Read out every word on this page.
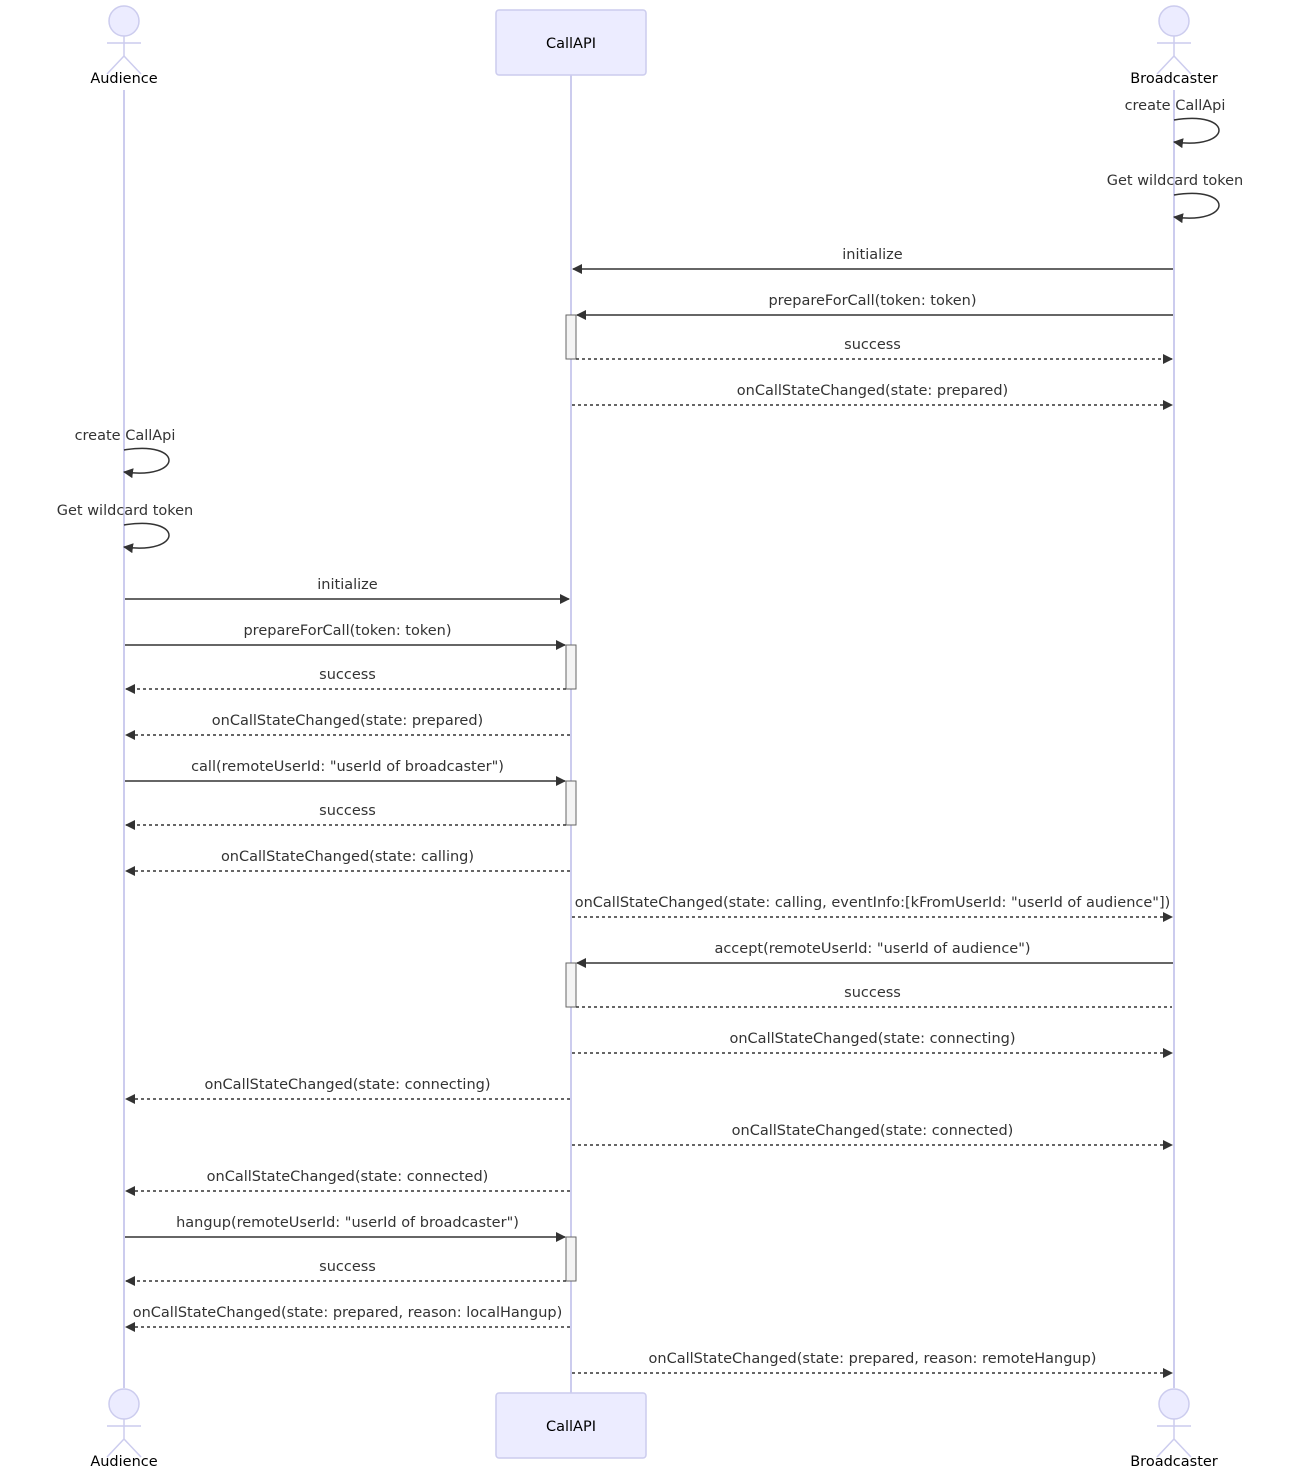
Audience
CallAPI
Broadcaster
create CallApi
Get wildcard token
initialize
prepareForCall(token: token)
success
onCallStateChanged(state: prepared)
create CallApi
Get wildcard token
initialize
prepareForCall(token: token)
success
onCallStateChanged(state: prepared)
call(remoteUserId: "userId of broadcaster")
success
onCallStateChanged(state: calling)
onCallStateChanged(state: calling, eventInfo:[kFromUserId: "userId of audience"])
accept(remoteUserId: "userId of audience")
success
onCallStateChanged(state: connecting)
onCallStateChanged(state: connecting)
onCallStateChanged(state: connected)
onCallStateChanged(state: connected)
hangup(remoteUserId: "userId of broadcaster")
success
onCallStateChanged(state: prepared, reason: localHangup)
onCallStateChanged(state: prepared, reason: remoteHangup)
Audience
CallAPI
Broadcaster
